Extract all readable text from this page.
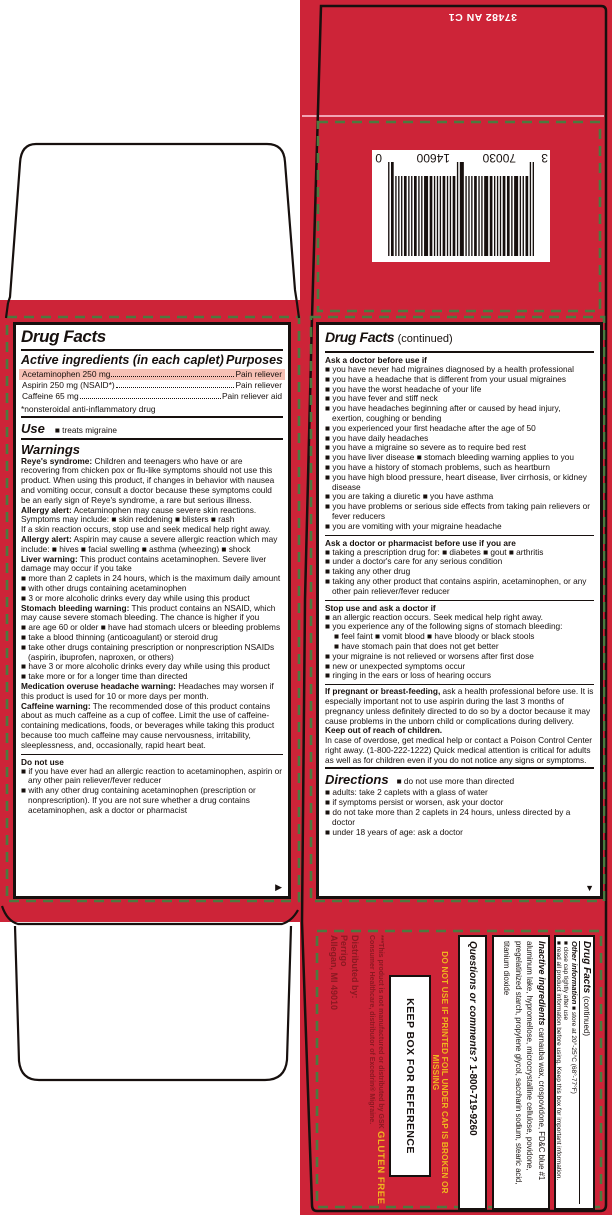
37482 AN C1
3
70030
14600
0
Drug Facts
Active ingredients (in each caplet) Purposes
Acetaminophen 250 mg	Pain reliever
Aspirin 250 mg (NSAID*)	Pain reliever
Caffeine 65 mg	Pain reliever aid
*nonsteroidal anti-inflammatory drug
Use ■ treats migraine
Warnings
Reye's syndrome: Children and teenagers who have or are recovering from chicken pox or flu-like symptoms should not use this product. When using this product, if changes in behavior with nausea and vomiting occur, consult a doctor because these symptoms could be an early sign of Reye's syndrome, a rare but serious illness.
Allergy alert: Acetaminophen may cause severe skin reactions. Symptoms may include: ■ skin reddening ■ blisters ■ rash
If a skin reaction occurs, stop use and seek medical help right away.
Allergy alert: Aspirin may cause a severe allergic reaction which may include: ■ hives ■ facial swelling ■ asthma (wheezing) ■ shock
Liver warning: This product contains acetaminophen. Severe liver damage may occur if you take
■ more than 2 caplets in 24 hours, which is the maximum daily amount
■ with other drugs containing acetaminophen
■ 3 or more alcoholic drinks every day while using this product
Stomach bleeding warning: This product contains an NSAID, which may cause severe stomach bleeding. The chance is higher if you
■ are age 60 or older ■ have had stomach ulcers or bleeding problems
■ take a blood thinning (anticoagulant) or steroid drug
■ take other drugs containing prescription or nonprescription NSAIDs (aspirin, ibuprofen, naproxen, or others)
■ have 3 or more alcoholic drinks every day while using this product
■ take more or for a longer time than directed
Medication overuse headache warning: Headaches may worsen if this product is used for 10 or more days per month.
Caffeine warning: The recommended dose of this product contains about as much caffeine as a cup of coffee. Limit the use of caffeine-containing medications, foods, or beverages while taking this product because too much caffeine may cause nervousness, irritability, sleeplessness, and, occasionally, rapid heart beat.
Do not use
■ if you have ever had an allergic reaction to acetaminophen, aspirin or any other pain reliever/fever reducer
■ with any other drug containing acetaminophen (prescription or nonprescription). If you are not sure whether a drug contains acetaminophen, ask a doctor or pharmacist
▶
Drug Facts (continued)
Ask a doctor before use if
■ you have never had migraines diagnosed by a health professional
■ you have a headache that is different from your usual migraines
■ you have the worst headache of your life
■ you have fever and stiff neck
■ you have headaches beginning after or caused by head injury, exertion, coughing or bending
■ you experienced your first headache after the age of 50
■ you have daily headaches
■ you have a migraine so severe as to require bed rest
■ you have liver disease ■ stomach bleeding warning applies to you
■ you have a history of stomach problems, such as heartburn
■ you have high blood pressure, heart disease, liver cirrhosis, or kidney disease
■ you are taking a diuretic ■ you have asthma
■ you have problems or serious side effects from taking pain relievers or fever reducers
■ you are vomiting with your migraine headache
Ask a doctor or pharmacist before use if you are
■ taking a prescription drug for: ■ diabetes ■ gout ■ arthritis
■ under a doctor's care for any serious condition
■ taking any other drug
■ taking any other product that contains aspirin, acetaminophen, or any other pain reliever/fever reducer
Stop use and ask a doctor if
■ an allergic reaction occurs. Seek medical help right away.
■ you experience any of the following signs of stomach bleeding:
■ feel faint ■ vomit blood ■ have bloody or black stools
■ have stomach pain that does not get better
■ your migraine is not relieved or worsens after first dose
■ new or unexpected symptoms occur
■ ringing in the ears or loss of hearing occurs
If pregnant or breast-feeding, ask a health professional before use. It is especially important not to use aspirin during the last 3 months of pregnancy unless definitely directed to do so by a doctor because it may cause problems in the unborn child or complications during delivery.
Keep out of reach of children.
In case of overdose, get medical help or contact a Poison Control Center right away. (1-800-222-1222) Quick medical attention is critical for adults as well as for children even if you do not notice any signs or symptoms.
Directions ■ do not use more than directed
■ adults: take 2 caplets with a glass of water
■ if symptoms persist or worsen, ask your doctor
■ do not take more than 2 caplets in 24 hours, unless directed by a doctor
■ under 18 years of age: ask a doctor
▼
Drug Facts (continued)
Other information ■ store at 20°-25°C (68°-77°F)
■ close cap tightly after use
■ read all product information before using. Keep this box for important information.
Inactive ingredients carnauba wax, crospovidone, FD&C blue #1 aluminum lake, hypromellose, microcrystalline cellulose, povidone, pregelatinized starch, propylene glycol, saccharin sodium, stearic acid, titanium dioxide
Questions or comments?
1-800-719-9260
DO NOT USE IF PRINTED FOIL UNDER CAP IS BROKEN OR MISSING
KEEP BOX FOR REFERENCE
***This product is not manufactured or distributed by GSK Consumer Healthcare, distributor of Excedrin® Migraine.
GLUTEN FREE
Distributed by:
Perrigo
Allegan, MI 49010
